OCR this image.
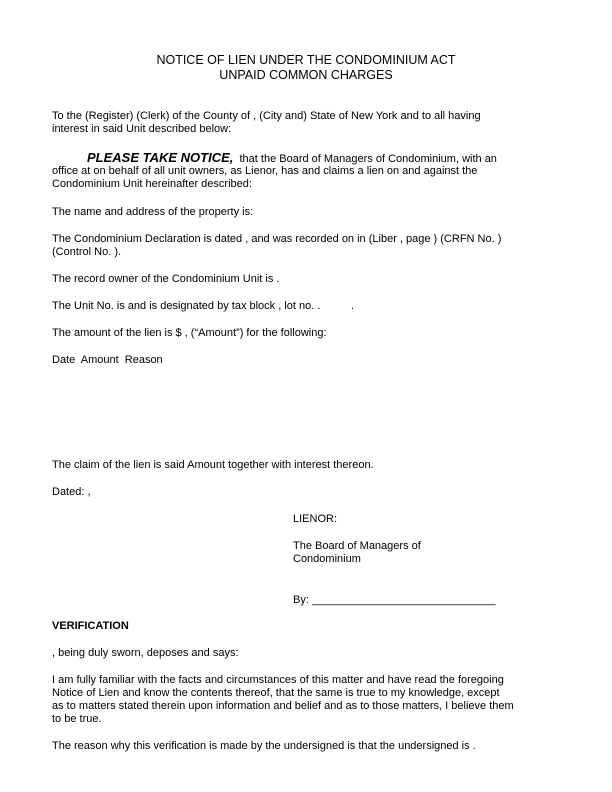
NOTICE OF LIEN UNDER THE CONDOMINIUM ACT
UNPAID COMMON CHARGES
To the (Register) (Clerk) of the County of , (City and) State of New York and to all having
interest in said Unit described below:
PLEASE TAKE NOTICE,  that the Board of Managers of Condominium, with an
office at on behalf of all unit owners, as Lienor, has and claims a lien on and against the
Condominium Unit hereinafter described:
The name and address of the property is:
The Condominium Declaration is dated , and was recorded on in (Liber , page ) (CRFN No. )
(Control No. ).
The record owner of the Condominium Unit is .
The Unit No. is and is designated by tax block , lot no. .          .
The amount of the lien is $ , (“Amount”) for the following:
Date  Amount  Reason
The claim of the lien is said Amount together with interest thereon.
Dated: ,
LIENOR:
The Board of Managers of
Condominium
By: ______________________________
VERIFICATION
, being duly sworn, deposes and says:
I am fully familiar with the facts and circumstances of this matter and have read the foregoing
Notice of Lien and know the contents thereof, that the same is true to my knowledge, except
as to matters stated therein upon information and belief and as to those matters, I believe them
to be true.
The reason why this verification is made by the undersigned is that the undersigned is .
